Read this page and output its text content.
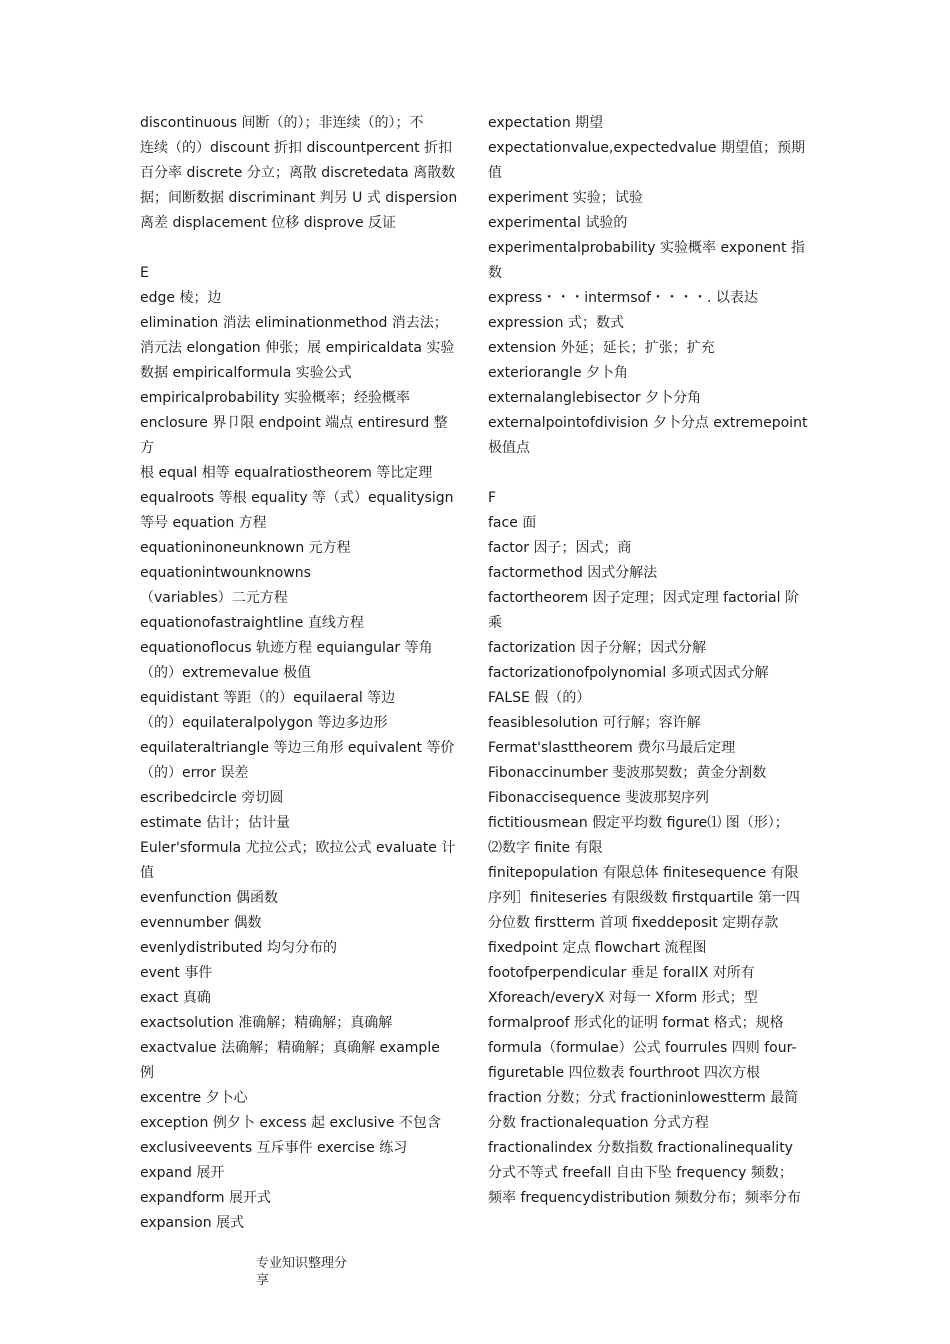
discontinuous 间断（的）；非连续（的）；不

连续（的）discount 折扣 discountpercent 折扣

百分率 discrete 分立；离散 discretedata 离散数

据；间断数据 discriminant 判另 U 式 dispersion

离差 displacement 位移 disprove 反证

E

edge 棱；边

elimination 消法 eliminationmethod 消去法；

消元法 elongation 伸张；展 empiricaldata 实验

数据 empiricalformula 实验公式

empiricalprobability 实验概率；经验概率

enclosure 界卩限 endpoint 端点 entiresurd 整方

根 equal 相等 equalratiostheorem 等比定理

equalroots 等根 equality 等（式）equalitysign

等号 equation 方程

equationinoneunknown 元方程

equationintwounknowns

（variables）二元方程

equationofastraightline 直线方程

equationoflocus 轨迹方程 equiangular 等角

（的）extremevalue 极值

equidistant 等距（的）equilaeral 等边

（的）equilateralpolygon 等边多边形

equilateraltriangle 等边三角形 equivalent 等价

（的）error 误差

escribedcircle 旁切圆

estimate 估计；估计量

Euler'sformula 尤拉公式；欧拉公式 evaluate 计

值

evenfunction 偶函数

evennumber 偶数

evenlydistributed 均匀分布的

event 事件

exact 真确

exactsolution 准确解；精确解；真确解

exactvalue 法确解；精确解；真确解 example

例

excentre 夕卜心

exception 例夕卜 excess 起 exclusive 不包含

exclusiveevents 互斥事件 exercise 练习

expand 展开

expandform 展开式

expansion 展式

expectation 期望

expectationvalue,expectedvalue 期望值；预期

值

experiment 实验；试验

experimental 试验的

experimentalprobability 实验概率 exponent 指

数

express・・・intermsof・・・・. 以表达

expression 式；数式

extension 外延；延长；扩张；扩充

exteriorangle 夕卜角

externalanglebisector 夕卜分角

externalpointofdivision 夕卜分点 extremepoint

极值点

F

face 面

factor 因子；因式；商

factormethod 因式分解法

factortheorem 因子定理；因式定理 factorial 阶

乘

factorization 因子分解；因式分解

factorizationofpolynomial 多项式因式分解

FALSE 假（的）

feasiblesolution 可行解；容许解

Fermat'slasttheorem 费尔马最后定理

Fibonaccinumber 斐波那契数；黄金分割数

Fibonaccisequence 斐波那契序列

fictitiousmean 假定平均数 figure⑴ 图（形）；

⑵数字 finite 有限

finitepopulation 有限总体 finitesequence 有限

序列］finiteseries 有限级数 firstquartile 第一四

分位数 firstterm 首项 fixeddeposit 定期存款

fixedpoint 定点 flowchart 流程图

footofperpendicular 垂足 forallX 对所有

Xforeach/everyX 对每一 Xform 形式；型

formalproof 形式化的证明 format 格式；规格

formula（formulae）公式 fourrules 四则 four-

figuretable 四位数表 fourthroot 四次方根

fraction 分数；分式 fractioninlowestterm 最简

分数 fractionalequation 分式方程

fractionalindex 分数指数 fractionalinequality

分式不等式 freefall 自由下坠 frequency 频数；

频率 frequencydistribution 频数分布；频率分布

专业知识整理分
享
